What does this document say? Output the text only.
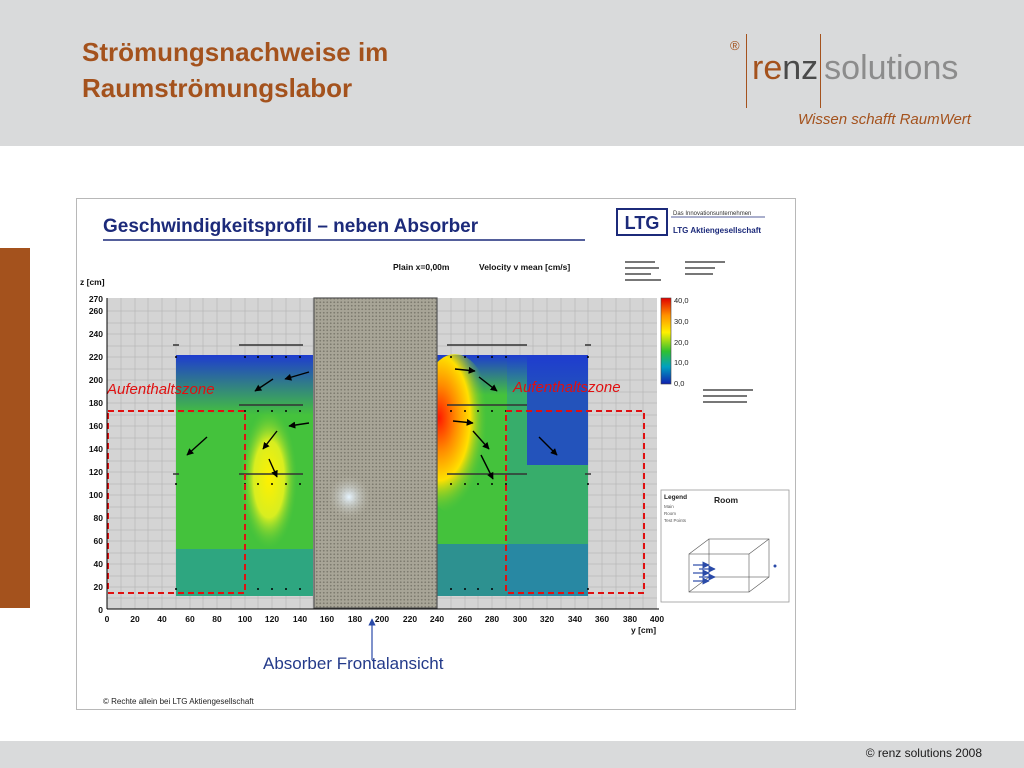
Strömungsnachweise im
Raumströmungslabor
®
renz solutions
Wissen schafft RaumWert
Geschwindigkeitsprofil – neben Absorber	LTG Das Innovationsunternehmen
LTG Aktiengesellschaft
Plain x=0,00m	Velocity v mean [cm/s]
Aufenthaltszone	Aufenthaltszone
z [cm]
y [cm]
270
260
240
220
200
180
160
140
120
100
80
60
40
20
0
0 20 40 60 80 100 120 140 160 180 200 220 240 260 280 300 320 340 360 380 400
40,0
30,0
20,0
10,0
0,0
Legend	Room
Main
Room
Test Points
Absorber Frontalansicht
© Rechte allein bei LTG Aktiengesellschaft
© renz solutions 2008
